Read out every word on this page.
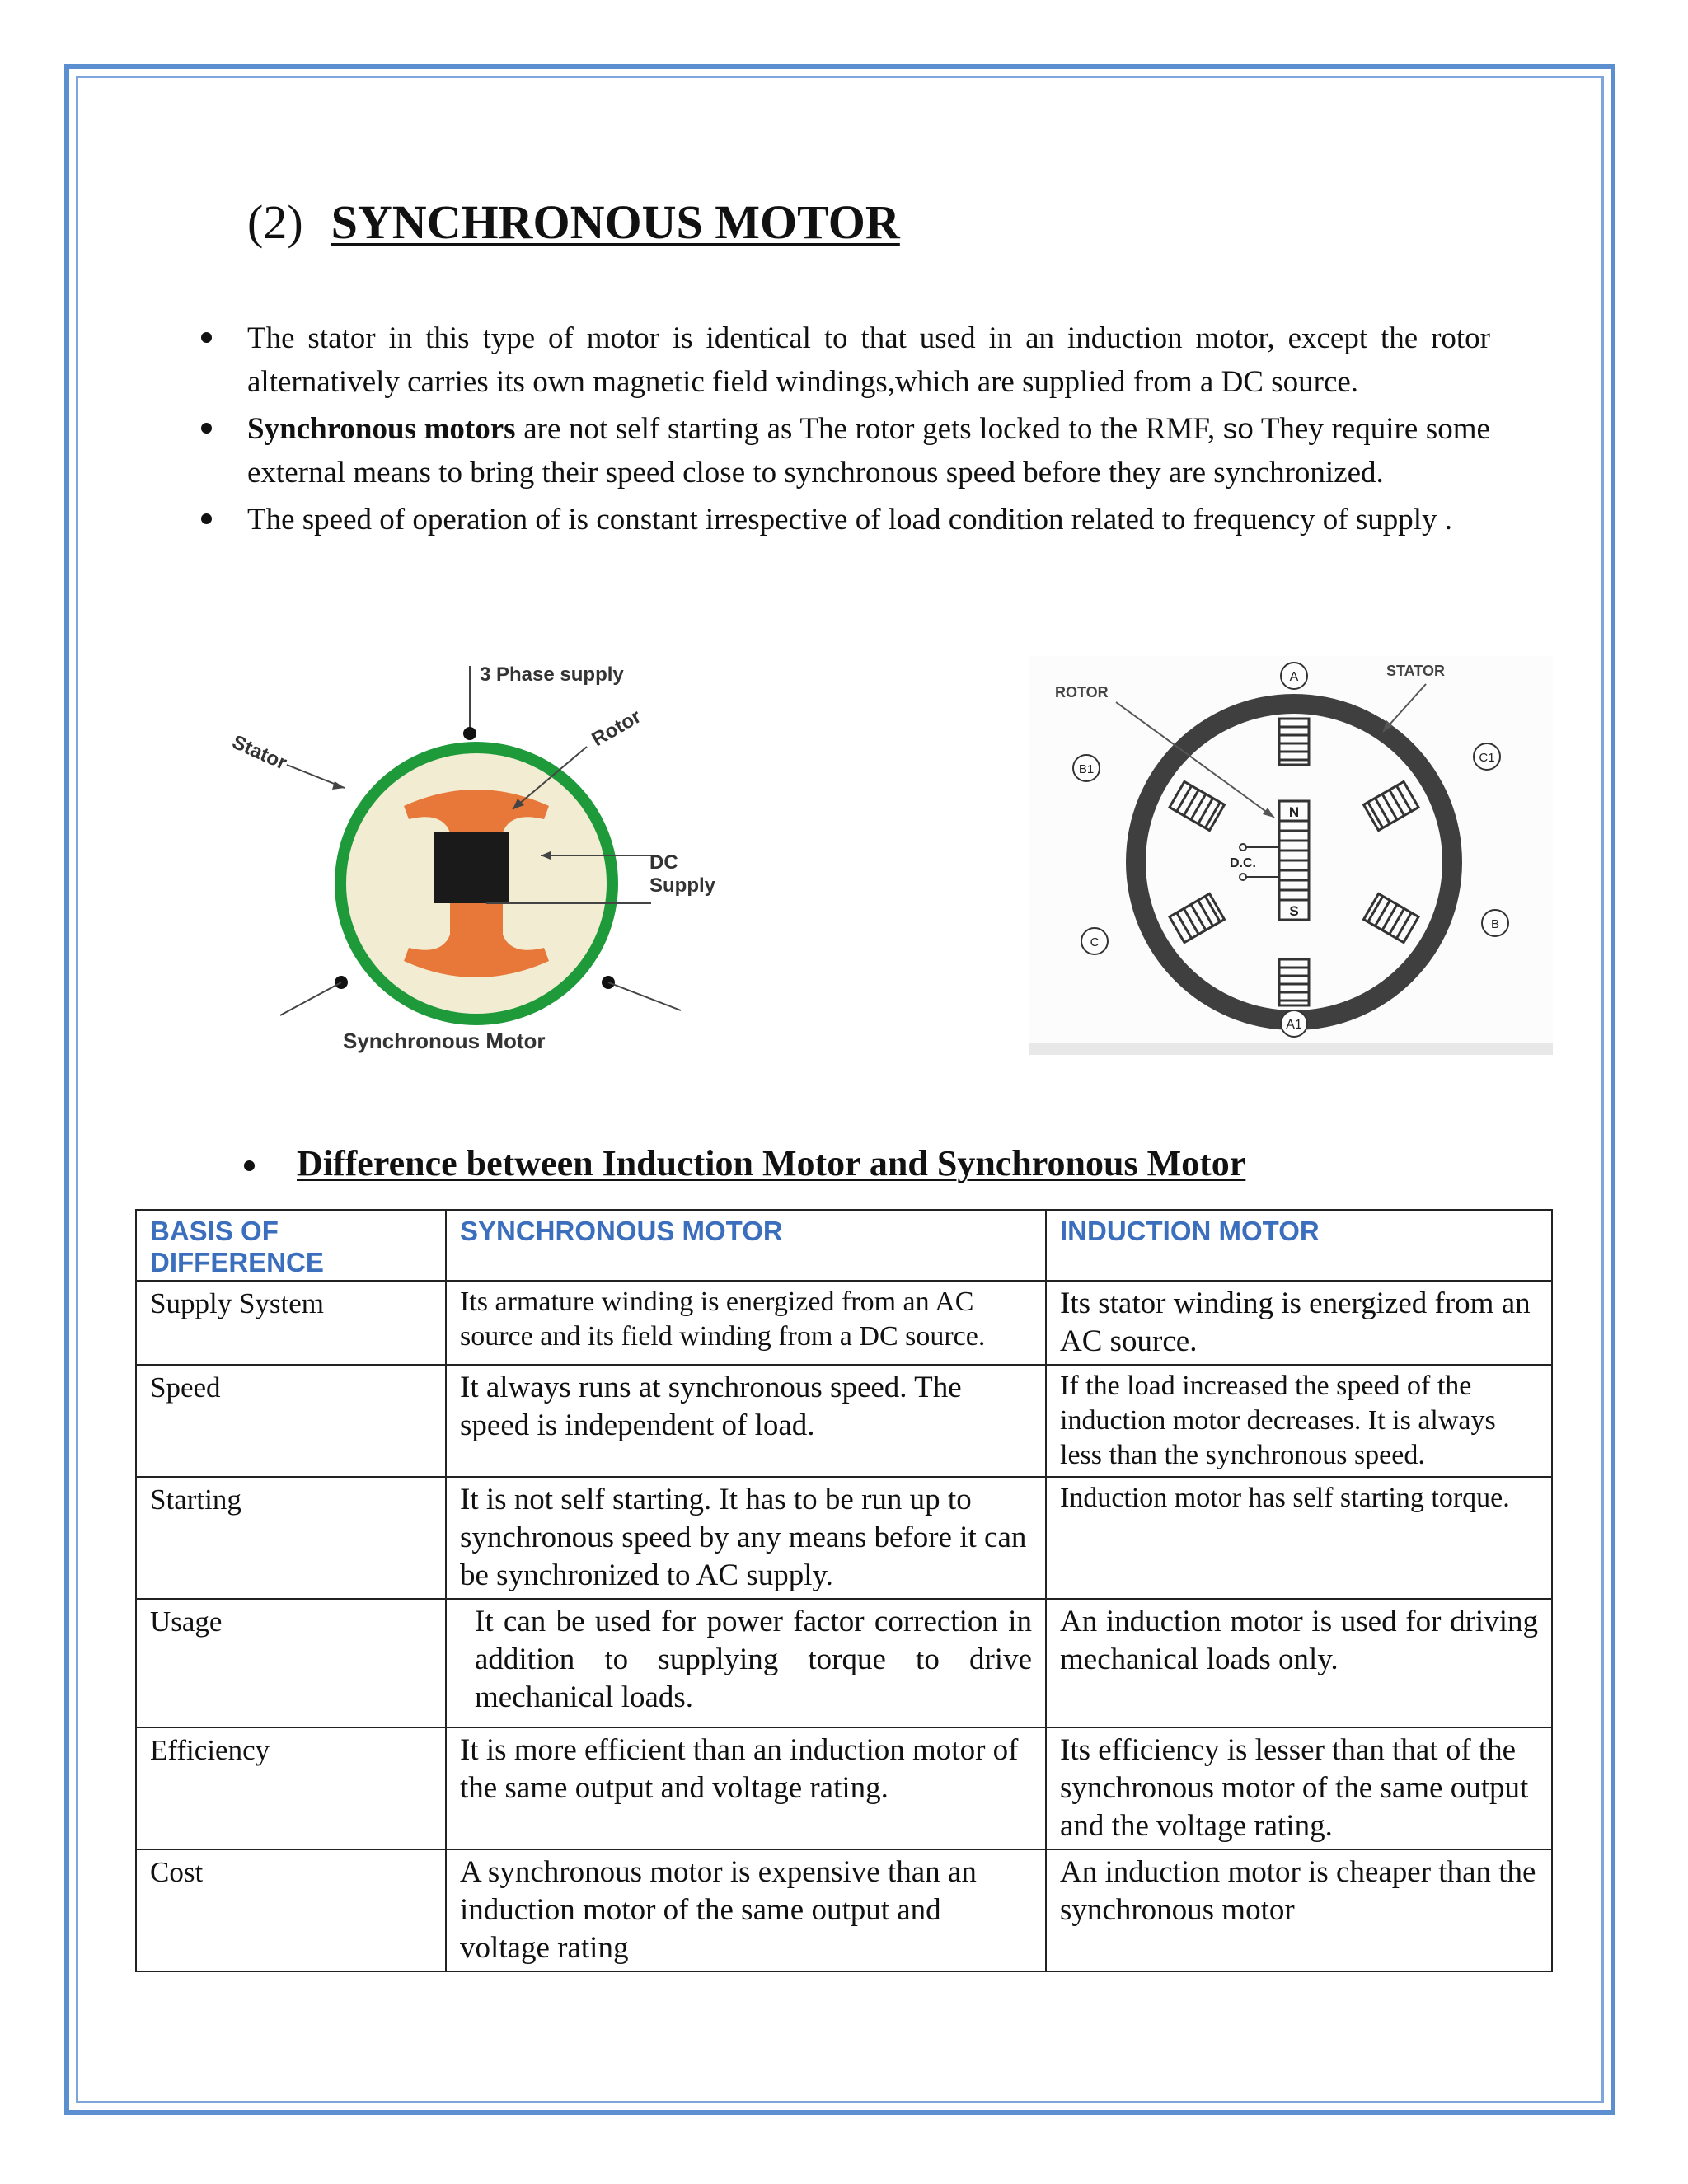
(2) SYNCHRONOUS MOTOR
The stator in this type of motor is identical to that used in an induction motor, except the rotor alternatively carries its own magnetic field windings,which are supplied from a DC source.
Synchronous motors are not self starting as The rotor gets locked to the RMF, so They require some external means to bring their speed close to synchronous speed before they are synchronized.
The speed of operation of is constant irrespective of load condition related to frequency of supply .
3 Phase supply
Stator
Rotor
DC
Supply
Synchronous Motor
N
S
D.C.
A
A1
B1
C1
C
B
ROTOR
STATOR
Difference between Induction Motor and Synchronous Motor
BASIS OF DIFFERENCE	SYNCHRONOUS MOTOR	INDUCTION MOTOR
Supply System	Its armature winding is energized from an AC source and its field winding from a DC source.	Its stator winding is energized from an AC source.
Speed	It always runs at synchronous speed. The speed is independent of load.	If the load increased the speed of the induction motor decreases. It is always less than the synchronous speed.
Starting	It is not self starting. It has to be run up to synchronous speed by any means before it can be synchronized to AC supply.	Induction motor has self starting torque.
Usage	It can be used for power factor correction in addition to supplying torque to drive mechanical loads.	An induction motor is used for driving mechanical loads only.
Efficiency	It is more efficient than an induction motor of the same output and voltage rating.	Its efficiency is lesser than that of the synchronous motor of the same output and the voltage rating.
Cost	A synchronous motor is expensive than an induction motor of the same output and voltage rating	An induction motor is cheaper than the synchronous motor
